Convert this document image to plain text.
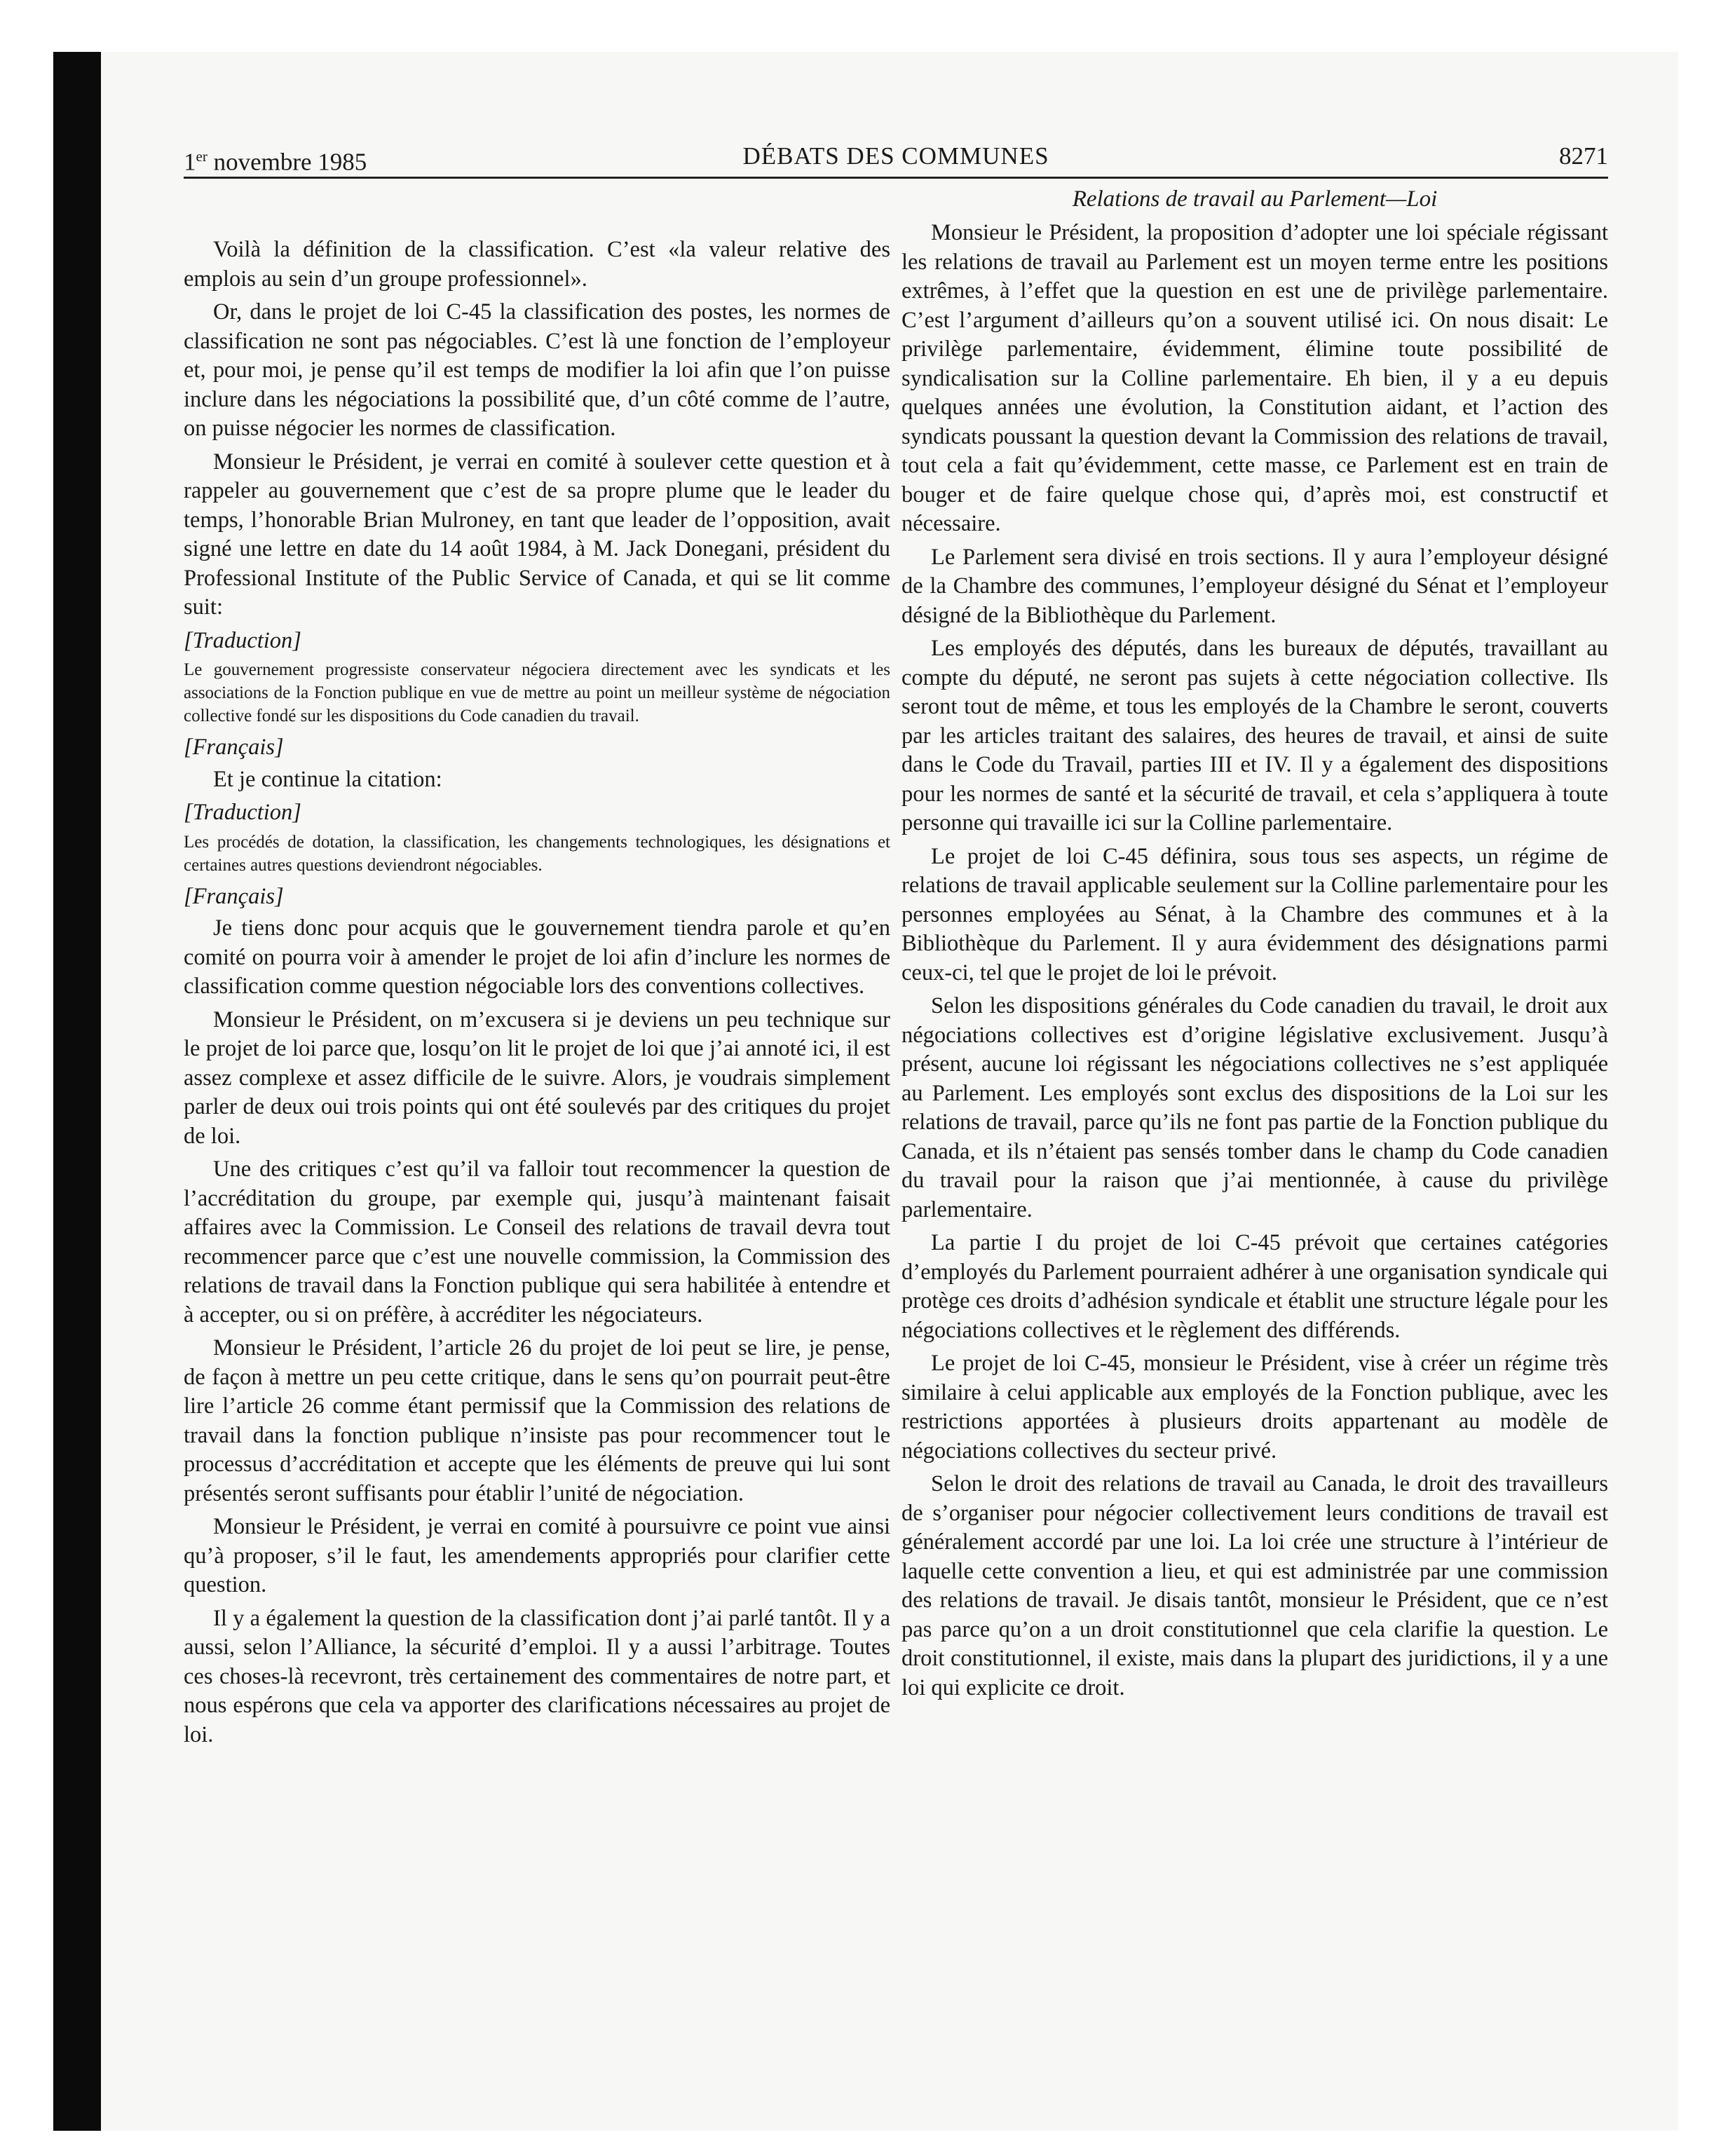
1er novembre 1985	DÉBATS DES COMMUNES	8271

Voilà la définition de la classification. C’est «la valeur relative des emplois au sein d’un groupe professionnel».

Or, dans le projet de loi C-45 la classification des postes, les normes de classification ne sont pas négociables. C’est là une fonction de l’employeur et, pour moi, je pense qu’il est temps de modifier la loi afin que l’on puisse inclure dans les négociations la possibilité que, d’un côté comme de l’autre, on puisse négocier les normes de classification.

Monsieur le Président, je verrai en comité à soulever cette question et à rappeler au gouvernement que c’est de sa propre plume que le leader du temps, l’honorable Brian Mulroney, en tant que leader de l’opposition, avait signé une lettre en date du 14 août 1984, à M. Jack Donegani, président du Professional Institute of the Public Service of Canada, et qui se lit comme suit:

[Traduction]

Le gouvernement progressiste conservateur négociera directement avec les syndicats et les associations de la Fonction publique en vue de mettre au point un meilleur système de négociation collective fondé sur les dispositions du Code canadien du travail.

[Français]

Et je continue la citation:

[Traduction]

Les procédés de dotation, la classification, les changements technologiques, les désignations et certaines autres questions deviendront négociables.

[Français]

Je tiens donc pour acquis que le gouvernement tiendra parole et qu’en comité on pourra voir à amender le projet de loi afin d’inclure les normes de classification comme question négociable lors des conventions collectives.

Monsieur le Président, on m’excusera si je deviens un peu technique sur le projet de loi parce que, losqu’on lit le projet de loi que j’ai annoté ici, il est assez complexe et assez difficile de le suivre. Alors, je voudrais simplement parler de deux oui trois points qui ont été soulevés par des critiques du projet de loi.

Une des critiques c’est qu’il va falloir tout recommencer la question de l’accréditation du groupe, par exemple qui, jusqu’à maintenant faisait affaires avec la Commission. Le Conseil des relations de travail devra tout recommencer parce que c’est une nouvelle commission, la Commission des relations de travail dans la Fonction publique qui sera habilitée à entendre et à accepter, ou si on préfère, à accréditer les négociateurs.

Monsieur le Président, l’article 26 du projet de loi peut se lire, je pense, de façon à mettre un peu cette critique, dans le sens qu’on pourrait peut-être lire l’article 26 comme étant permissif que la Commission des relations de travail dans la fonction publique n’insiste pas pour recommencer tout le processus d’accréditation et accepte que les éléments de preuve qui lui sont présentés seront suffisants pour établir l’unité de négociation.

Monsieur le Président, je verrai en comité à poursuivre ce point vue ainsi qu’à proposer, s’il le faut, les amendements appropriés pour clarifier cette question.

Il y a également la question de la classification dont j’ai parlé tantôt. Il y a aussi, selon l’Alliance, la sécurité d’emploi. Il y a aussi l’arbitrage. Toutes ces choses-là recevront, très certainement des commentaires de notre part, et nous espérons que cela va apporter des clarifications nécessaires au projet de loi.

Relations de travail au Parlement—Loi

Monsieur le Président, la proposition d’adopter une loi spéciale régissant les relations de travail au Parlement est un moyen terme entre les positions extrêmes, à l’effet que la question en est une de privilège parlementaire. C’est l’argument d’ailleurs qu’on a souvent utilisé ici. On nous disait: Le privilège parlementaire, évidemment, élimine toute possibilité de syndicalisation sur la Colline parlementaire. Eh bien, il y a eu depuis quelques années une évolution, la Constitution aidant, et l’action des syndicats poussant la question devant la Commission des relations de travail, tout cela a fait qu’évidemment, cette masse, ce Parlement est en train de bouger et de faire quelque chose qui, d’après moi, est constructif et nécessaire.

Le Parlement sera divisé en trois sections. Il y aura l’employeur désigné de la Chambre des communes, l’employeur désigné du Sénat et l’employeur désigné de la Bibliothèque du Parlement.

Les employés des députés, dans les bureaux de députés, travaillant au compte du député, ne seront pas sujets à cette négociation collective. Ils seront tout de même, et tous les employés de la Chambre le seront, couverts par les articles traitant des salaires, des heures de travail, et ainsi de suite dans le Code du Travail, parties III et IV. Il y a également des dispositions pour les normes de santé et la sécurité de travail, et cela s’appliquera à toute personne qui travaille ici sur la Colline parlementaire.

Le projet de loi C-45 définira, sous tous ses aspects, un régime de relations de travail applicable seulement sur la Colline parlementaire pour les personnes employées au Sénat, à la Chambre des communes et à la Bibliothèque du Parlement. Il y aura évidemment des désignations parmi ceux-ci, tel que le projet de loi le prévoit.

Selon les dispositions générales du Code canadien du travail, le droit aux négociations collectives est d’origine législative exclusivement. Jusqu’à présent, aucune loi régissant les négociations collectives ne s’est appliquée au Parlement. Les employés sont exclus des dispositions de la Loi sur les relations de travail, parce qu’ils ne font pas partie de la Fonction publique du Canada, et ils n’étaient pas sensés tomber dans le champ du Code canadien du travail pour la raison que j’ai mentionnée, à cause du privilège parlementaire.

La partie I du projet de loi C-45 prévoit que certaines catégories d’employés du Parlement pourraient adhérer à une organisation syndicale qui protège ces droits d’adhésion syndicale et établit une structure légale pour les négociations collectives et le règlement des différends.

Le projet de loi C-45, monsieur le Président, vise à créer un régime très similaire à celui applicable aux employés de la Fonction publique, avec les restrictions apportées à plusieurs droits appartenant au modèle de négociations collectives du secteur privé.

Selon le droit des relations de travail au Canada, le droit des travailleurs de s’organiser pour négocier collectivement leurs conditions de travail est généralement accordé par une loi. La loi crée une structure à l’intérieur de laquelle cette convention a lieu, et qui est administrée par une commission des relations de travail. Je disais tantôt, monsieur le Président, que ce n’est pas parce qu’on a un droit constitutionnel que cela clarifie la question. Le droit constitutionnel, il existe, mais dans la plupart des juridictions, il y a une loi qui explicite ce droit.
